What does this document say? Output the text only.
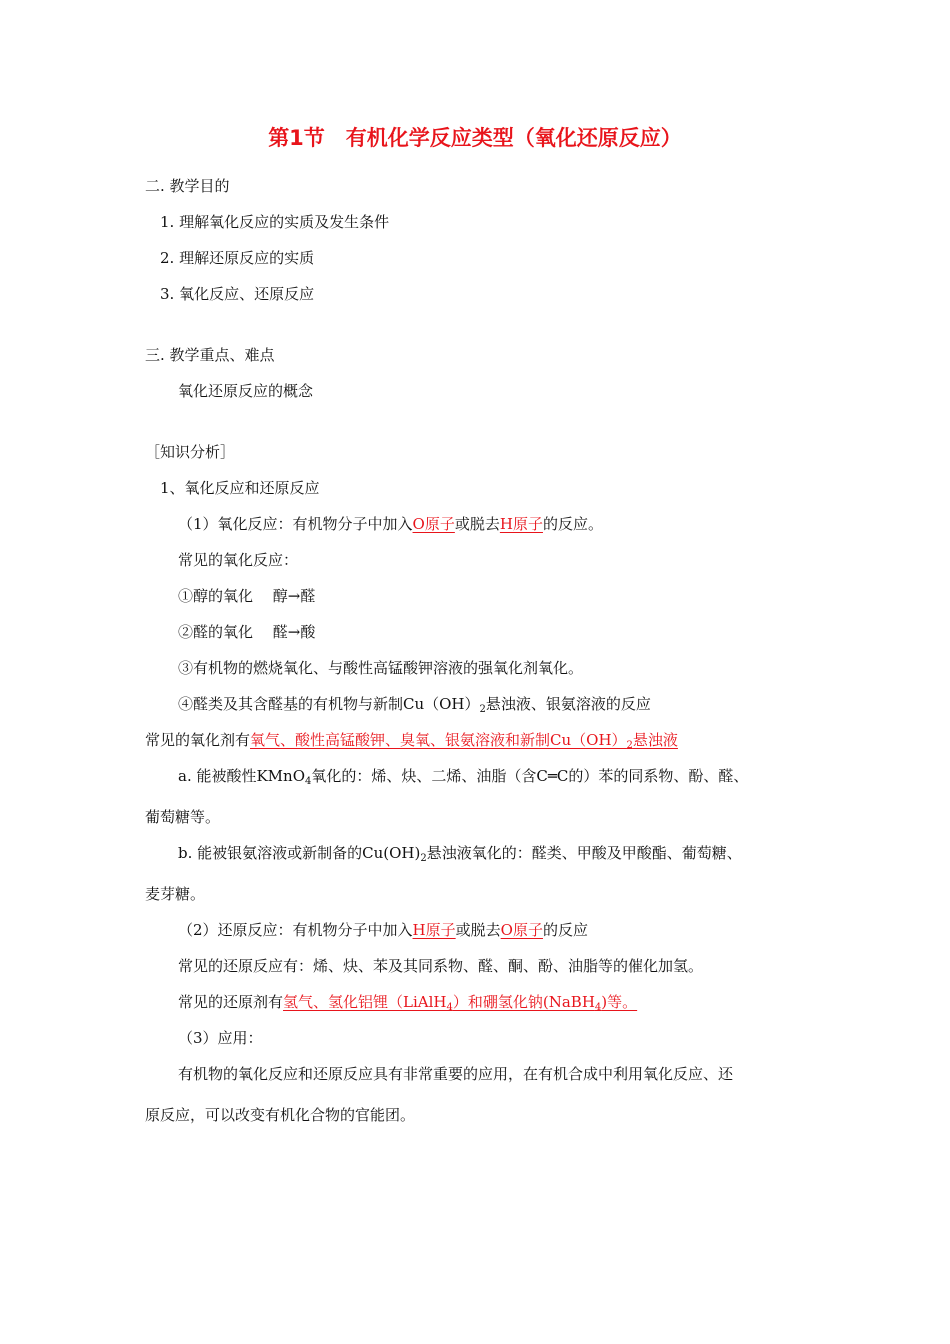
第1节　有机化学反应类型（氧化还原反应）
二. 教学目的
1. 理解氧化反应的实质及发生条件
2. 理解还原反应的实质
3. 氧化反应、还原反应
三. 教学重点、难点
氧化还原反应的概念
［知识分析］
1、氧化反应和还原反应
（1）氧化反应：有机物分子中加入O原子或脱去H原子的反应。
常见的氧化反应：
①醇的氧化　 醇→醛
②醛的氧化　 醛→酸
③有机物的燃烧氧化、与酸性高锰酸钾溶液的强氧化剂氧化。
④醛类及其含醛基的有机物与新制$Cu(OH)_2$悬浊液、银氨溶液的反应
常见的氧化剂有氧气、酸性高锰酸钾、臭氧、银氨溶液和新制$Cu(OH)_2$悬浊液
a. 能被酸性KMnO$_4$氧化的：烯、炔、二烯、油脂（含C═C的）苯的同系物、酚、醛、
葡萄糖等。
b. 能被银氨溶液或新制备的$Cu(OH)_2$悬浊液氧化的：醛类、甲酸及甲酸酯、葡萄糖、
麦芽糖。
（2）还原反应：有机物分子中加入H原子或脱去O原子的反应
常见的还原反应有：烯、炔、苯及其同系物、醛、酮、酚、油脂等的催化加氢。
常见的还原剂有氢气、氢化铝锂（LiAlH$_4$）和硼氢化钠(NaBH$_4$)等。
（3）应用：
有机物的氧化反应和还原反应具有非常重要的应用，在有机合成中利用氧化反应、还
原反应，可以改变有机化合物的官能团。
